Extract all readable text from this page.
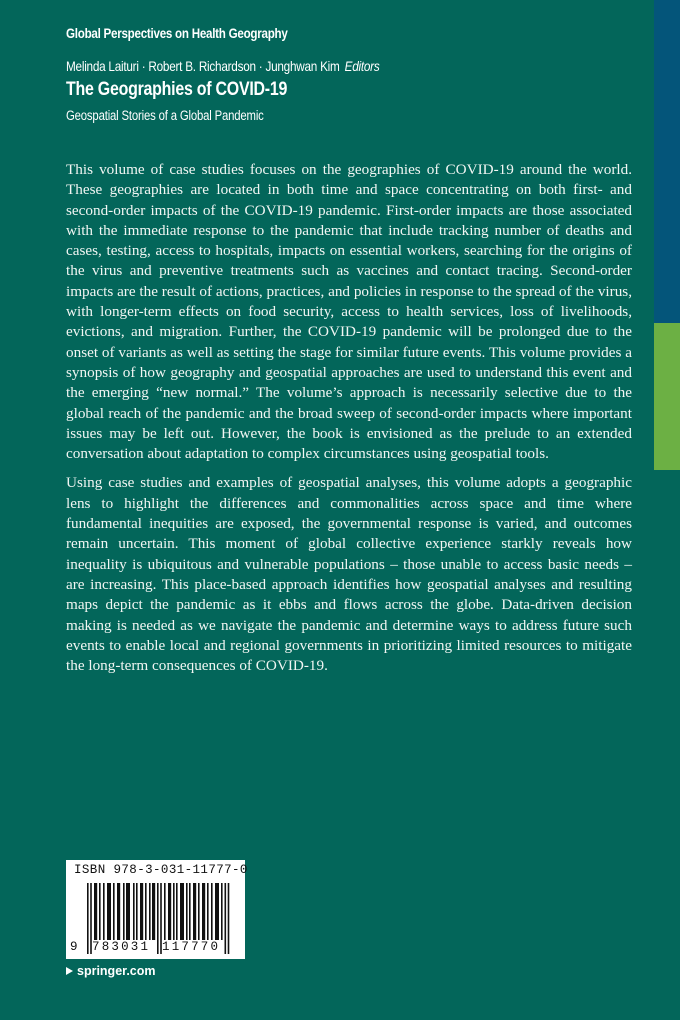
Global Perspectives on Health Geography
Melinda Laituri · Robert B. Richardson · Junghwan Kim Editors
The Geographies of COVID-19
Geospatial Stories of a Global Pandemic

This volume of case studies focuses on the geographies of COVID-19 around the world. These geographies are located in both time and space concentrating on both first- and second-order impacts of the COVID-19 pandemic. First-order impacts are those associated with the immediate response to the pandemic that include tracking number of deaths and cases, testing, access to hospitals, impacts on essential workers, searching for the origins of the virus and preventive treatments such as vaccines and contact tracing. Second-order impacts are the result of actions, practices, and policies in response to the spread of the virus, with longer-term effects on food security, access to health services, loss of livelihoods, evictions, and migration. Further, the COVID-19 pandemic will be prolonged due to the onset of variants as well as setting the stage for similar future events. This volume provides a synopsis of how geography and geospatial approaches are used to understand this event and the emerging “new normal.” The volume’s approach is necessarily selective due to the global reach of the pandemic and the broad sweep of second-order impacts where important issues may be left out. However, the book is envisioned as the prelude to an extended conversation about adaptation to complex circumstances using geospatial tools.

Using case studies and examples of geospatial analyses, this volume adopts a geographic lens to highlight the differences and commonalities across space and time where fundamental inequities are exposed, the governmental response is varied, and outcomes remain uncertain. This moment of global collective experience starkly reveals how inequality is ubiquitous and vulnerable populations – those unable to access basic needs – are increasing. This place-based approach identifies how geospatial analyses and resulting maps depict the pandemic as it ebbs and flows across the globe. Data-driven decision making is needed as we navigate the pandemic and determine ways to address future such events to enable local and regional governments in prioritizing limited resources to mitigate the long-term consequences of COVID-19.

ISBN 978-3-031-11777-0
9 783031 117770
springer.com
